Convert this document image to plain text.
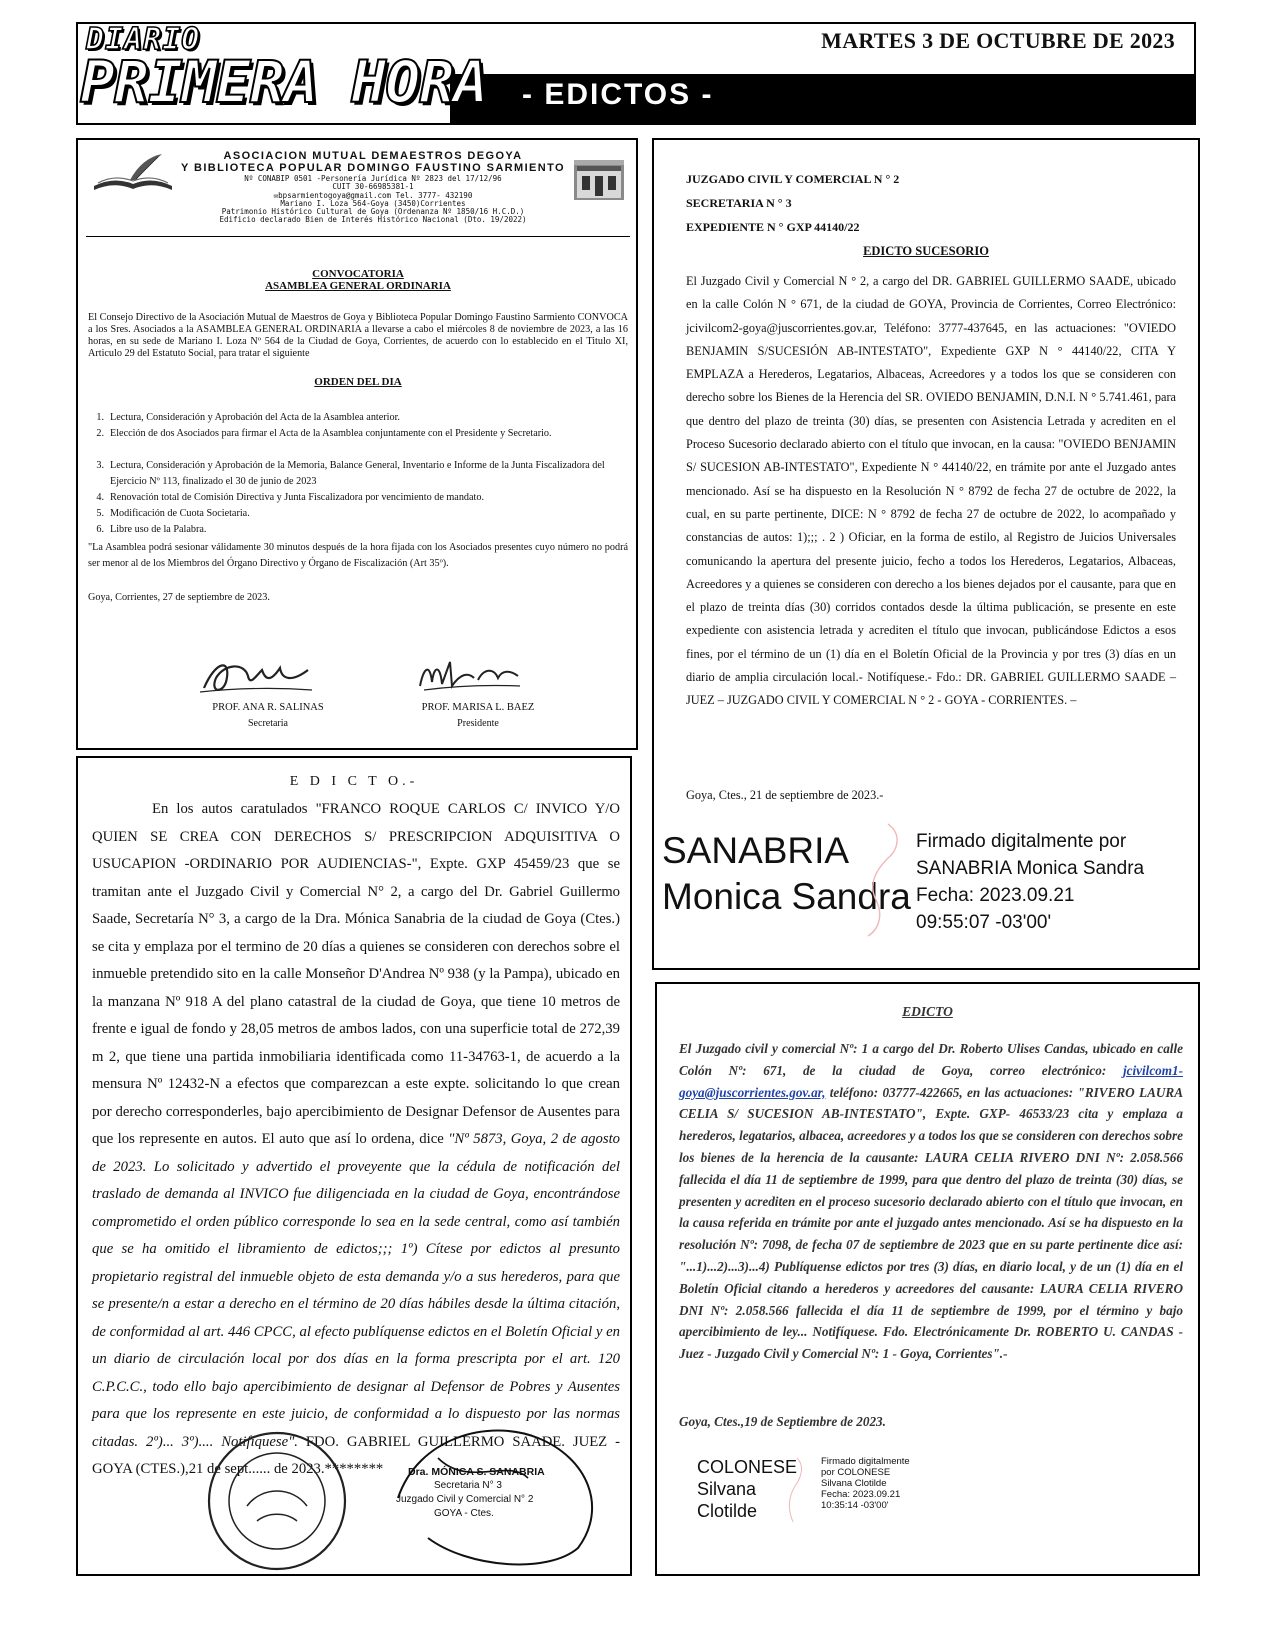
DIARIO
PRIMERA HORA
MARTES 3 DE OCTUBRE DE 2023
- EDICTOS -
ASOCIACION MUTUAL DEMAESTROS DEGOYA
Y BIBLIOTECA POPULAR DOMINGO FAUSTINO SARMIENTO
Nº CONABIP 0501 -Personería Jurídica Nº 2823 del 17/12/96
CUIT 30-66985381-1
✉bpsarmientogoya@gmail.com Tel. 3777- 432190
Mariano I. Loza 564-Goya (3450)Corrientes
Patrimonio Histórico Cultural de Goya (Ordenanza Nº 1850/16 H.C.D.)
Edificio declarado Bien de Interés Histórico Nacional (Dto. 19/2022)
CONVOCATORIA
ASAMBLEA GENERAL ORDINARIA
El Consejo Directivo de la Asociación Mutual de Maestros de Goya y Biblioteca Popular Domingo Faustino Sarmiento CONVOCA a los Sres. Asociados a la ASAMBLEA GENERAL ORDINARIA a llevarse a cabo el miércoles 8 de noviembre de 2023, a las 16 horas, en su sede de Mariano I. Loza Nº 564 de la Ciudad de Goya, Corrientes, de acuerdo con lo establecido en el Titulo XI, Articulo 29 del Estatuto Social, para tratar el siguiente
ORDEN DEL DIA
1. Lectura, Consideración y Aprobación del Acta de la Asamblea anterior.
2. Elección de dos Asociados para firmar el Acta de la Asamblea conjuntamente con el Presidente y Secretario.
3. Lectura, Consideración y Aprobación de la Memoria, Balance General, Inventario e Informe de la Junta Fiscalizadora del Ejercicio Nº 113, finalizado el 30 de junio de 2023
4. Renovación total de Comisión Directiva y Junta Fiscalizadora por vencimiento de mandato.
5. Modificación de Cuota Societaria.
6. Libre uso de la Palabra.
"La Asamblea podrá sesionar válidamente 30 minutos después de la hora fijada con los Asociados presentes cuyo número no podrá ser menor al de los Miembros del Órgano Directivo y Órgano de Fiscalización (Art 35º).
Goya, Corrientes, 27 de septiembre de 2023.
PROF. ANA R. SALINAS
Secretaria
PROF. MARISA L. BAEZ
Presidente
JUZGADO CIVIL Y COMERCIAL N ° 2
SECRETARIA N ° 3
EXPEDIENTE N ° GXP 44140/22
EDICTO SUCESORIO
El Juzgado Civil y Comercial N ° 2, a cargo del DR. GABRIEL GUILLERMO SAADE, ubicado en la calle Colón N ° 671, de la ciudad de GOYA, Provincia de Corrientes, Correo Electrónico: jcivilcom2-goya@juscorrientes.gov.ar, Teléfono: 3777-437645, en las actuaciones: "OVIEDO BENJAMIN S/SUCESIÓN AB-INTESTATO", Expediente GXP N ° 44140/22, CITA Y EMPLAZA a Herederos, Legatarios, Albaceas, Acreedores y a todos los que se consideren con derecho sobre los Bienes de la Herencia del SR. OVIEDO BENJAMIN, D.N.I. N ° 5.741.461, para que dentro del plazo de treinta (30) días, se presenten con Asistencia Letrada y acrediten en el Proceso Sucesorio declarado abierto con el título que invocan, en la causa: "OVIEDO BENJAMIN S/ SUCESION AB-INTESTATO", Expediente N ° 44140/22, en trámite por ante el Juzgado antes mencionado. Así se ha dispuesto en la Resolución N ° 8792 de fecha 27 de octubre de 2022, la cual, en su parte pertinente, DICE: N ° 8792 de fecha 27 de octubre de 2022, lo acompañado y constancias de autos: 1);;; . 2 ) Oficiar, en la forma de estilo, al Registro de Juicios Universales comunicando la apertura del presente juicio, fecho a todos los Herederos, Legatarios, Albaceas, Acreedores y a quienes se consideren con derecho a los bienes dejados por el causante, para que en el plazo de treinta días (30) corridos contados desde la última publicación, se presente en este expediente con asistencia letrada y acrediten el título que invocan, publicándose Edictos a esos fines, por el término de un (1) día en el Boletín Oficial de la Provincia y por tres (3) días en un diario de amplia circulación local.- Notifíquese.- Fdo.: DR. GABRIEL GUILLERMO SAADE – JUEZ – JUZGADO CIVIL Y COMERCIAL N ° 2 - GOYA - CORRIENTES. –
Goya, Ctes., 21 de septiembre de 2023.-
SANABRIA
Monica Sandra
Firmado digitalmente por
SANABRIA Monica Sandra
Fecha: 2023.09.21
09:55:07 -03'00'
E D I C T O.-
En los autos caratulados "FRANCO ROQUE CARLOS C/ INVICO Y/O QUIEN SE CREA CON DERECHOS S/ PRESCRIPCION ADQUISITIVA O USUCAPION -ORDINARIO POR AUDIENCIAS-", Expte. GXP 45459/23 que se tramitan ante el Juzgado Civil y Comercial N° 2, a cargo del Dr. Gabriel Guillermo Saade, Secretaría N° 3, a cargo de la Dra. Mónica Sanabria de la ciudad de Goya (Ctes.) se cita y emplaza por el termino de 20 días a quienes se consideren con derechos sobre el inmueble pretendido sito en la calle Monseñor D'Andrea Nº 938 (y la Pampa), ubicado en la manzana Nº 918 A del plano catastral de la ciudad de Goya, que tiene 10 metros de frente e igual de fondo y 28,05 metros de ambos lados, con una superficie total de 272,39 m 2, que tiene una partida inmobiliaria identificada como 11-34763-1, de acuerdo a la mensura Nº 12432-N a efectos que comparezcan a este expte. solicitando lo que crean por derecho corresponderles, bajo apercibimiento de Designar Defensor de Ausentes para que los represente en autos. El auto que así lo ordena, dice "Nº 5873, Goya, 2 de agosto de 2023. Lo solicitado y advertido el proveyente que la cédula de notificación del traslado de demanda al INVICO fue diligenciada en la ciudad de Goya, encontrándose comprometido el orden público corresponde lo sea en la sede central, como así también que se ha omitido el libramiento de edictos;;; 1º) Cítese por edictos al presunto propietario registral del inmueble objeto de esta demanda y/o a sus herederos, para que se presente/n a estar a derecho en el término de 20 días hábiles desde la última citación, de conformidad al art. 446 CPCC, al efecto publíquense edictos en el Boletín Oficial y en un diario de circulación local por dos días en la forma prescripta por el art. 120 C.P.C.C., todo ello bajo apercibimiento de designar al Defensor de Pobres y Ausentes para que los represente en este juicio, de conformidad a lo dispuesto por las normas citadas. 2º)... 3º).... Notifíquese". FDO. GABRIEL GUILLERMO SAADE. JUEZ - GOYA (CTES.),21 de sept...... de 2023.********	Dra. MÓNICA S. SANABRIA
Secretaria N° 3
Juzgado Civil y Comercial N° 2
GOYA - Ctes.
EDICTO
El Juzgado civil y comercial Nº: 1 a cargo del Dr. Roberto Ulises Candas, ubicado en calle Colón Nº: 671, de la ciudad de Goya, correo electrónico: jcivilcom1-goya@juscorrientes.gov.ar, teléfono: 03777-422665, en las actuaciones: "RIVERO LAURA CELIA S/ SUCESION AB-INTESTATO", Expte. GXP- 46533/23 cita y emplaza a herederos, legatarios, albacea, acreedores y a todos los que se consideren con derechos sobre los bienes de la herencia de la causante: LAURA CELIA RIVERO DNI Nº: 2.058.566 fallecida el día 11 de septiembre de 1999, para que dentro del plazo de treinta (30) días, se presenten y acrediten en el proceso sucesorio declarado abierto con el título que invocan, en la causa referida en trámite por ante el juzgado antes mencionado. Así se ha dispuesto en la resolución Nº: 7098, de fecha 07 de septiembre de 2023 que en su parte pertinente dice así: "...1)...2)...3)...4) Publíquense edictos por tres (3) días, en diario local, y de un (1) día en el Boletín Oficial citando a herederos y acreedores del causante: LAURA CELIA RIVERO DNI Nº: 2.058.566 fallecida el día 11 de septiembre de 1999, por el término y bajo apercibimiento de ley... Notifíquese. Fdo. Electrónicamente Dr. ROBERTO U. CANDAS - Juez - Juzgado Civil y Comercial Nº: 1 - Goya, Corrientes".-
Goya, Ctes.,19 de Septiembre de 2023.
COLONESE
Silvana
Clotilde
Firmado digitalmente
por COLONESE
Silvana Clotilde
Fecha: 2023.09.21
10:35:14 -03'00'
